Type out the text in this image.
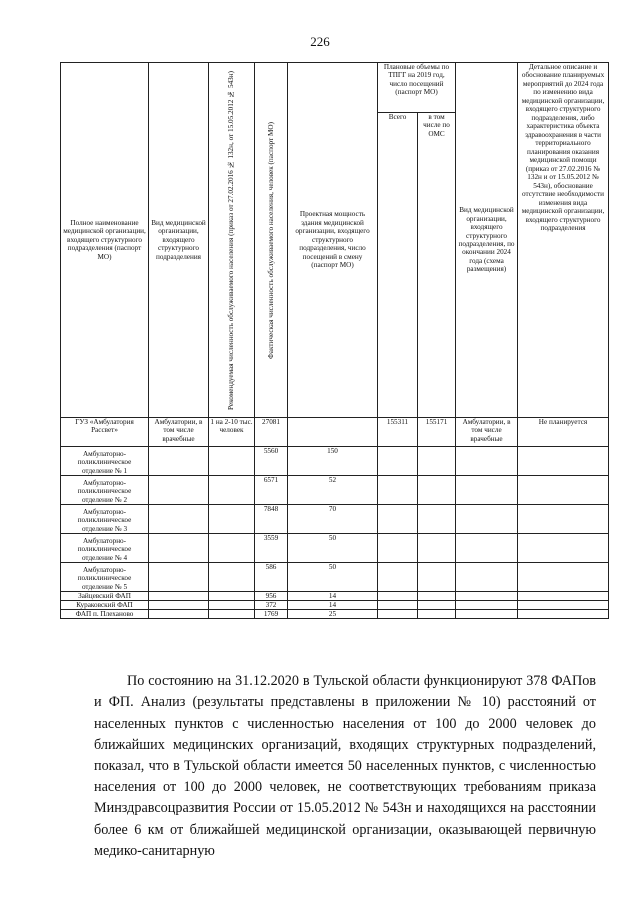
226
Полное наименование медицинской организации, входящего структурного подразделения (паспорт МО)	Вид медицинской организации, входящего структурного подразделения	Рекомендуемая численность обслуживаемого населения (приказ от 27.02.2016 № 132н, от 15.05.2012 № 543н)	Фактическая численность обслуживаемого населения, человек (паспорт МО)	Проектная мощность здания медицинской организации, входящего структурного подразделения, число посещений в смену (паспорт МО)	Плановые объемы по ТПГГ на 2019 год, число посещений (паспорт МО)		Вид медицинской организации, входящего структурного подразделения, по окончании 2024 года (схема размещения)	Детальное описание и обоснование планируемых мероприятий до 2024 года по изменению вида медицинской организации, входящего структурного подразделения, либо характеристика объекта здравоохранения в части территориального планирования оказания медицинской помощи (приказ от 27.02.2016 № 132н и от 15.05.2012 № 543н), обоснование отсутствие необходимости изменения вида медицинской организации, входящего структурного подразделения
					Всего	в том числе по ОМС		
ГУЗ «Амбулатория Рассвет»	Амбулатории, в том числе врачебные	1 на 2-10 тыс. человек	27081		155311	155171	Амбулатории, в том числе врачебные	Не планируется
Амбулаторно-поликлиническое отделение № 1			5560	150				
Амбулаторно-поликлиническое отделение № 2			6571	52				
Амбулаторно-поликлиническое отделение № 3			7848	70				
Амбулаторно-поликлиническое отделение № 4			3559	50				
Амбулаторно-поликлиническое отделение № 5			586	50				
Зайцевский ФАП			956	14				
Кураковский ФАП			372	14				
ФАП п. Плеханово			1769	25				

По состоянию на 31.12.2020 в Тульской области функционируют 378 ФАПов и ФП. Анализ (результаты представлены в приложении № 10) расстояний от населенных пунктов с численностью населения от 100 до 2000 человек до ближайших медицинских организаций, входящих структурных подразделений, показал, что в Тульской области имеется 50 населенных пунктов, с численностью населения от 100 до 2000 человек, не соответствующих требованиям приказа Минздравсоцразвития России от 15.05.2012 № 543н и находящихся на расстоянии более 6 км от ближайшей медицинской организации, оказывающей первичную медико-санитарную
